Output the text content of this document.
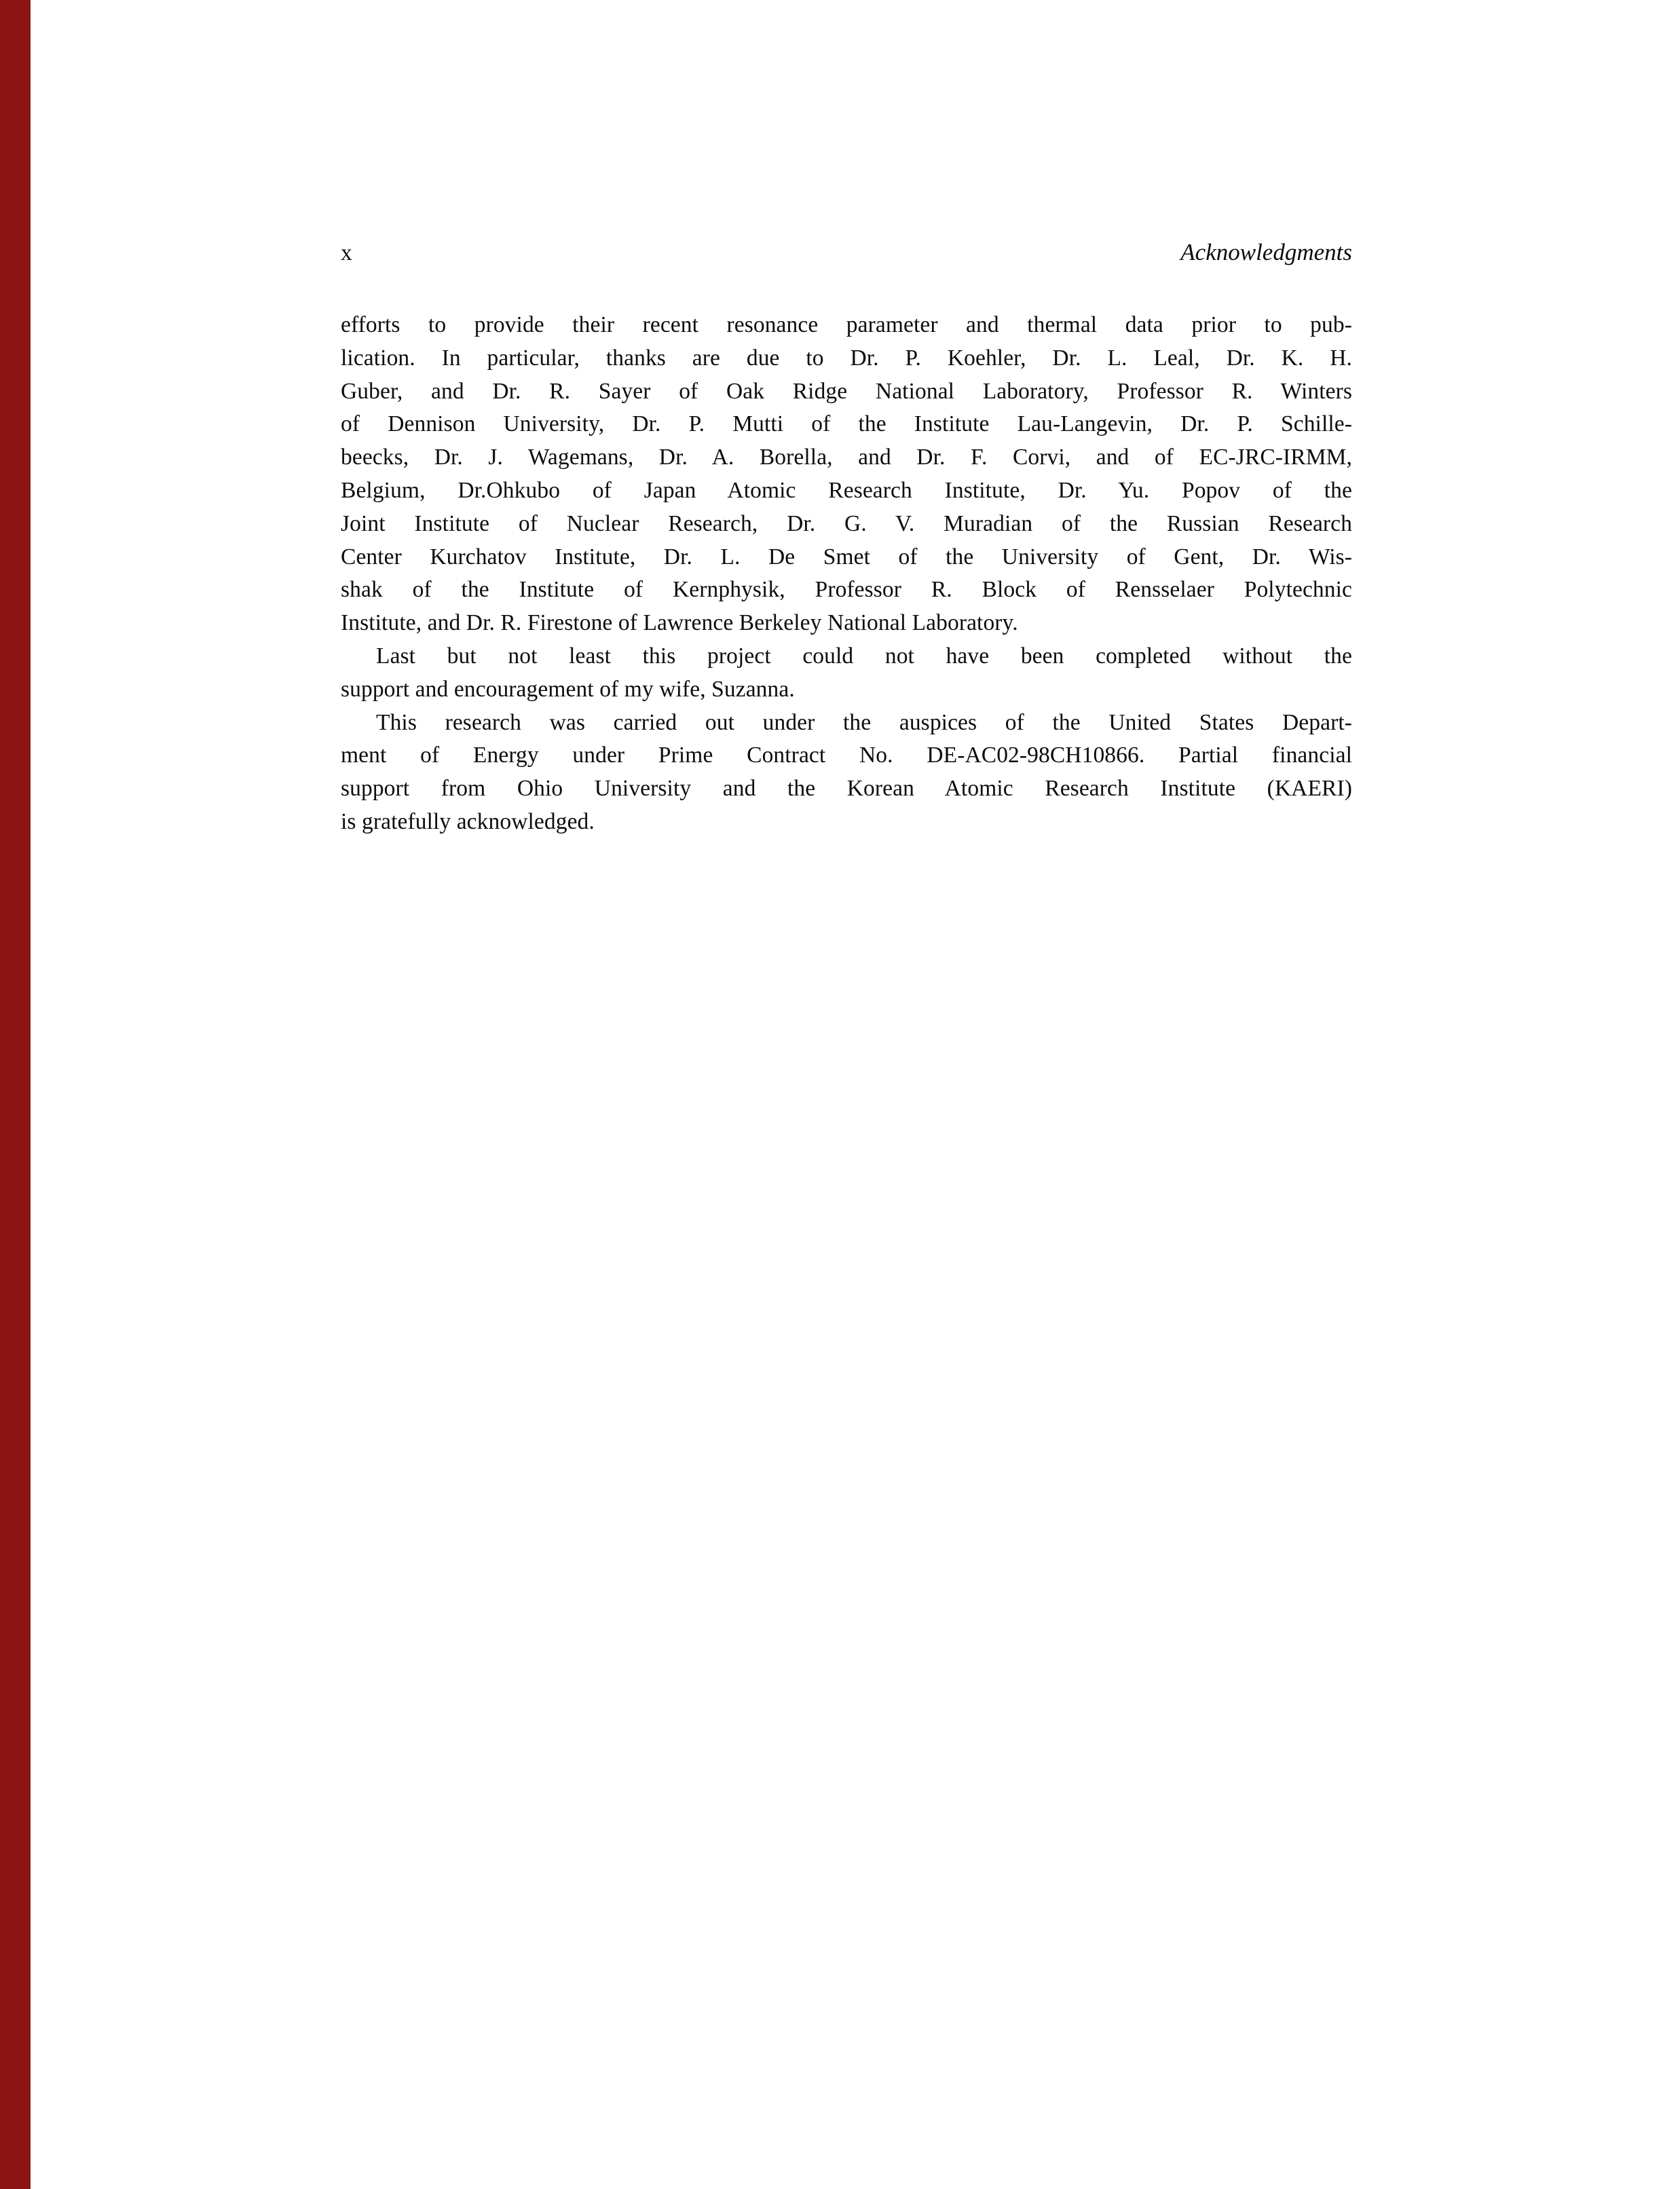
x	Acknowledgments
efforts to provide their recent resonance parameter and thermal data prior to pub-
lication. In particular, thanks are due to Dr. P. Koehler, Dr. L. Leal, Dr. K. H.
Guber, and Dr. R. Sayer of Oak Ridge National Laboratory, Professor R. Winters
of Dennison University, Dr. P. Mutti of the Institute Lau-Langevin, Dr. P. Schille-
beecks, Dr. J. Wagemans, Dr. A. Borella, and Dr. F. Corvi, and of EC-JRC-IRMM,
Belgium, Dr.Ohkubo of Japan Atomic Research Institute, Dr. Yu. Popov of the
Joint Institute of Nuclear Research, Dr. G. V. Muradian of the Russian Research
Center Kurchatov Institute, Dr. L. De Smet of the University of Gent, Dr. Wis-
shak of the Institute of Kernphysik, Professor R. Block of Rensselaer Polytechnic
Institute, and Dr. R. Firestone of Lawrence Berkeley National Laboratory.
Last but not least this project could not have been completed without the
support and encouragement of my wife, Suzanna.
This research was carried out under the auspices of the United States Depart-
ment of Energy under Prime Contract No. DE-AC02-98CH10866. Partial financial
support from Ohio University and the Korean Atomic Research Institute (KAERI)
is gratefully acknowledged.
